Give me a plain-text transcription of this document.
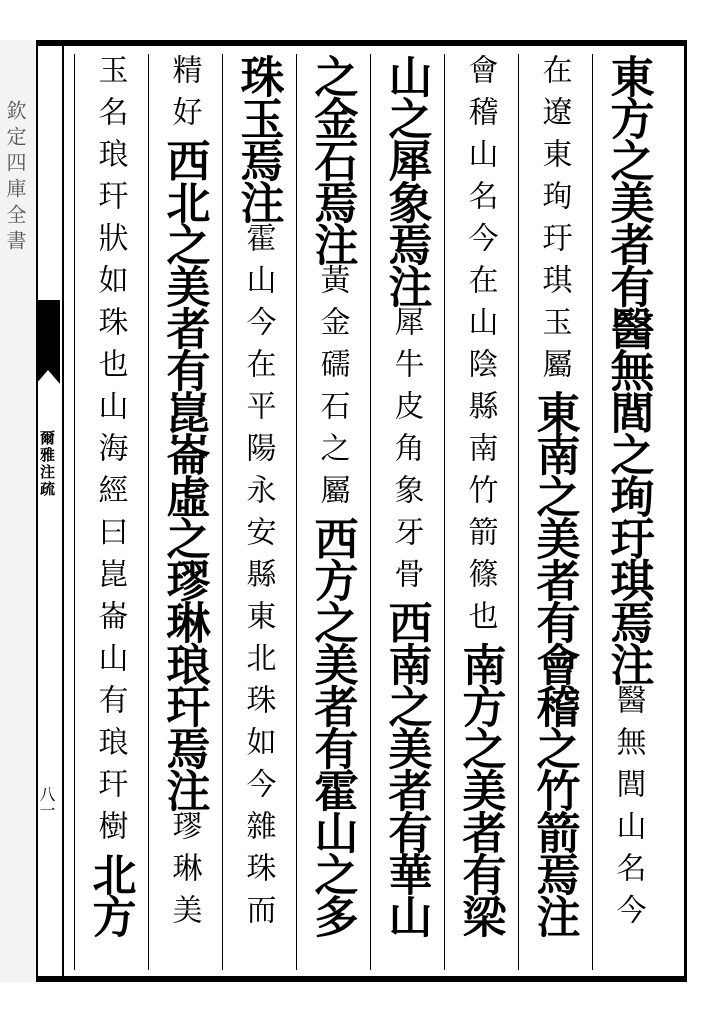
欽定四庫全書
爾雅注疏
八一
東方之美者有醫無閭之珣玗琪焉注
醫無閭山名今
在遼東珣玗琪玉屬
東南之美者有會稽之竹箭焉注
會稽山名今在山陰縣南竹箭篠也
南方之美者有梁
山之犀象焉注
犀牛皮角象牙骨
西南之美者有華山
之金石焉注
黃金礝石之屬
西方之美者有霍山之多
珠玉焉注
霍山今在平陽永安縣東北珠如今雜珠而
精好
西北之美者有崑崙虛之璆琳琅玕焉注
璆琳美
玉名琅玕狀如珠也山海經曰崑崙山有琅玕樹
北方
